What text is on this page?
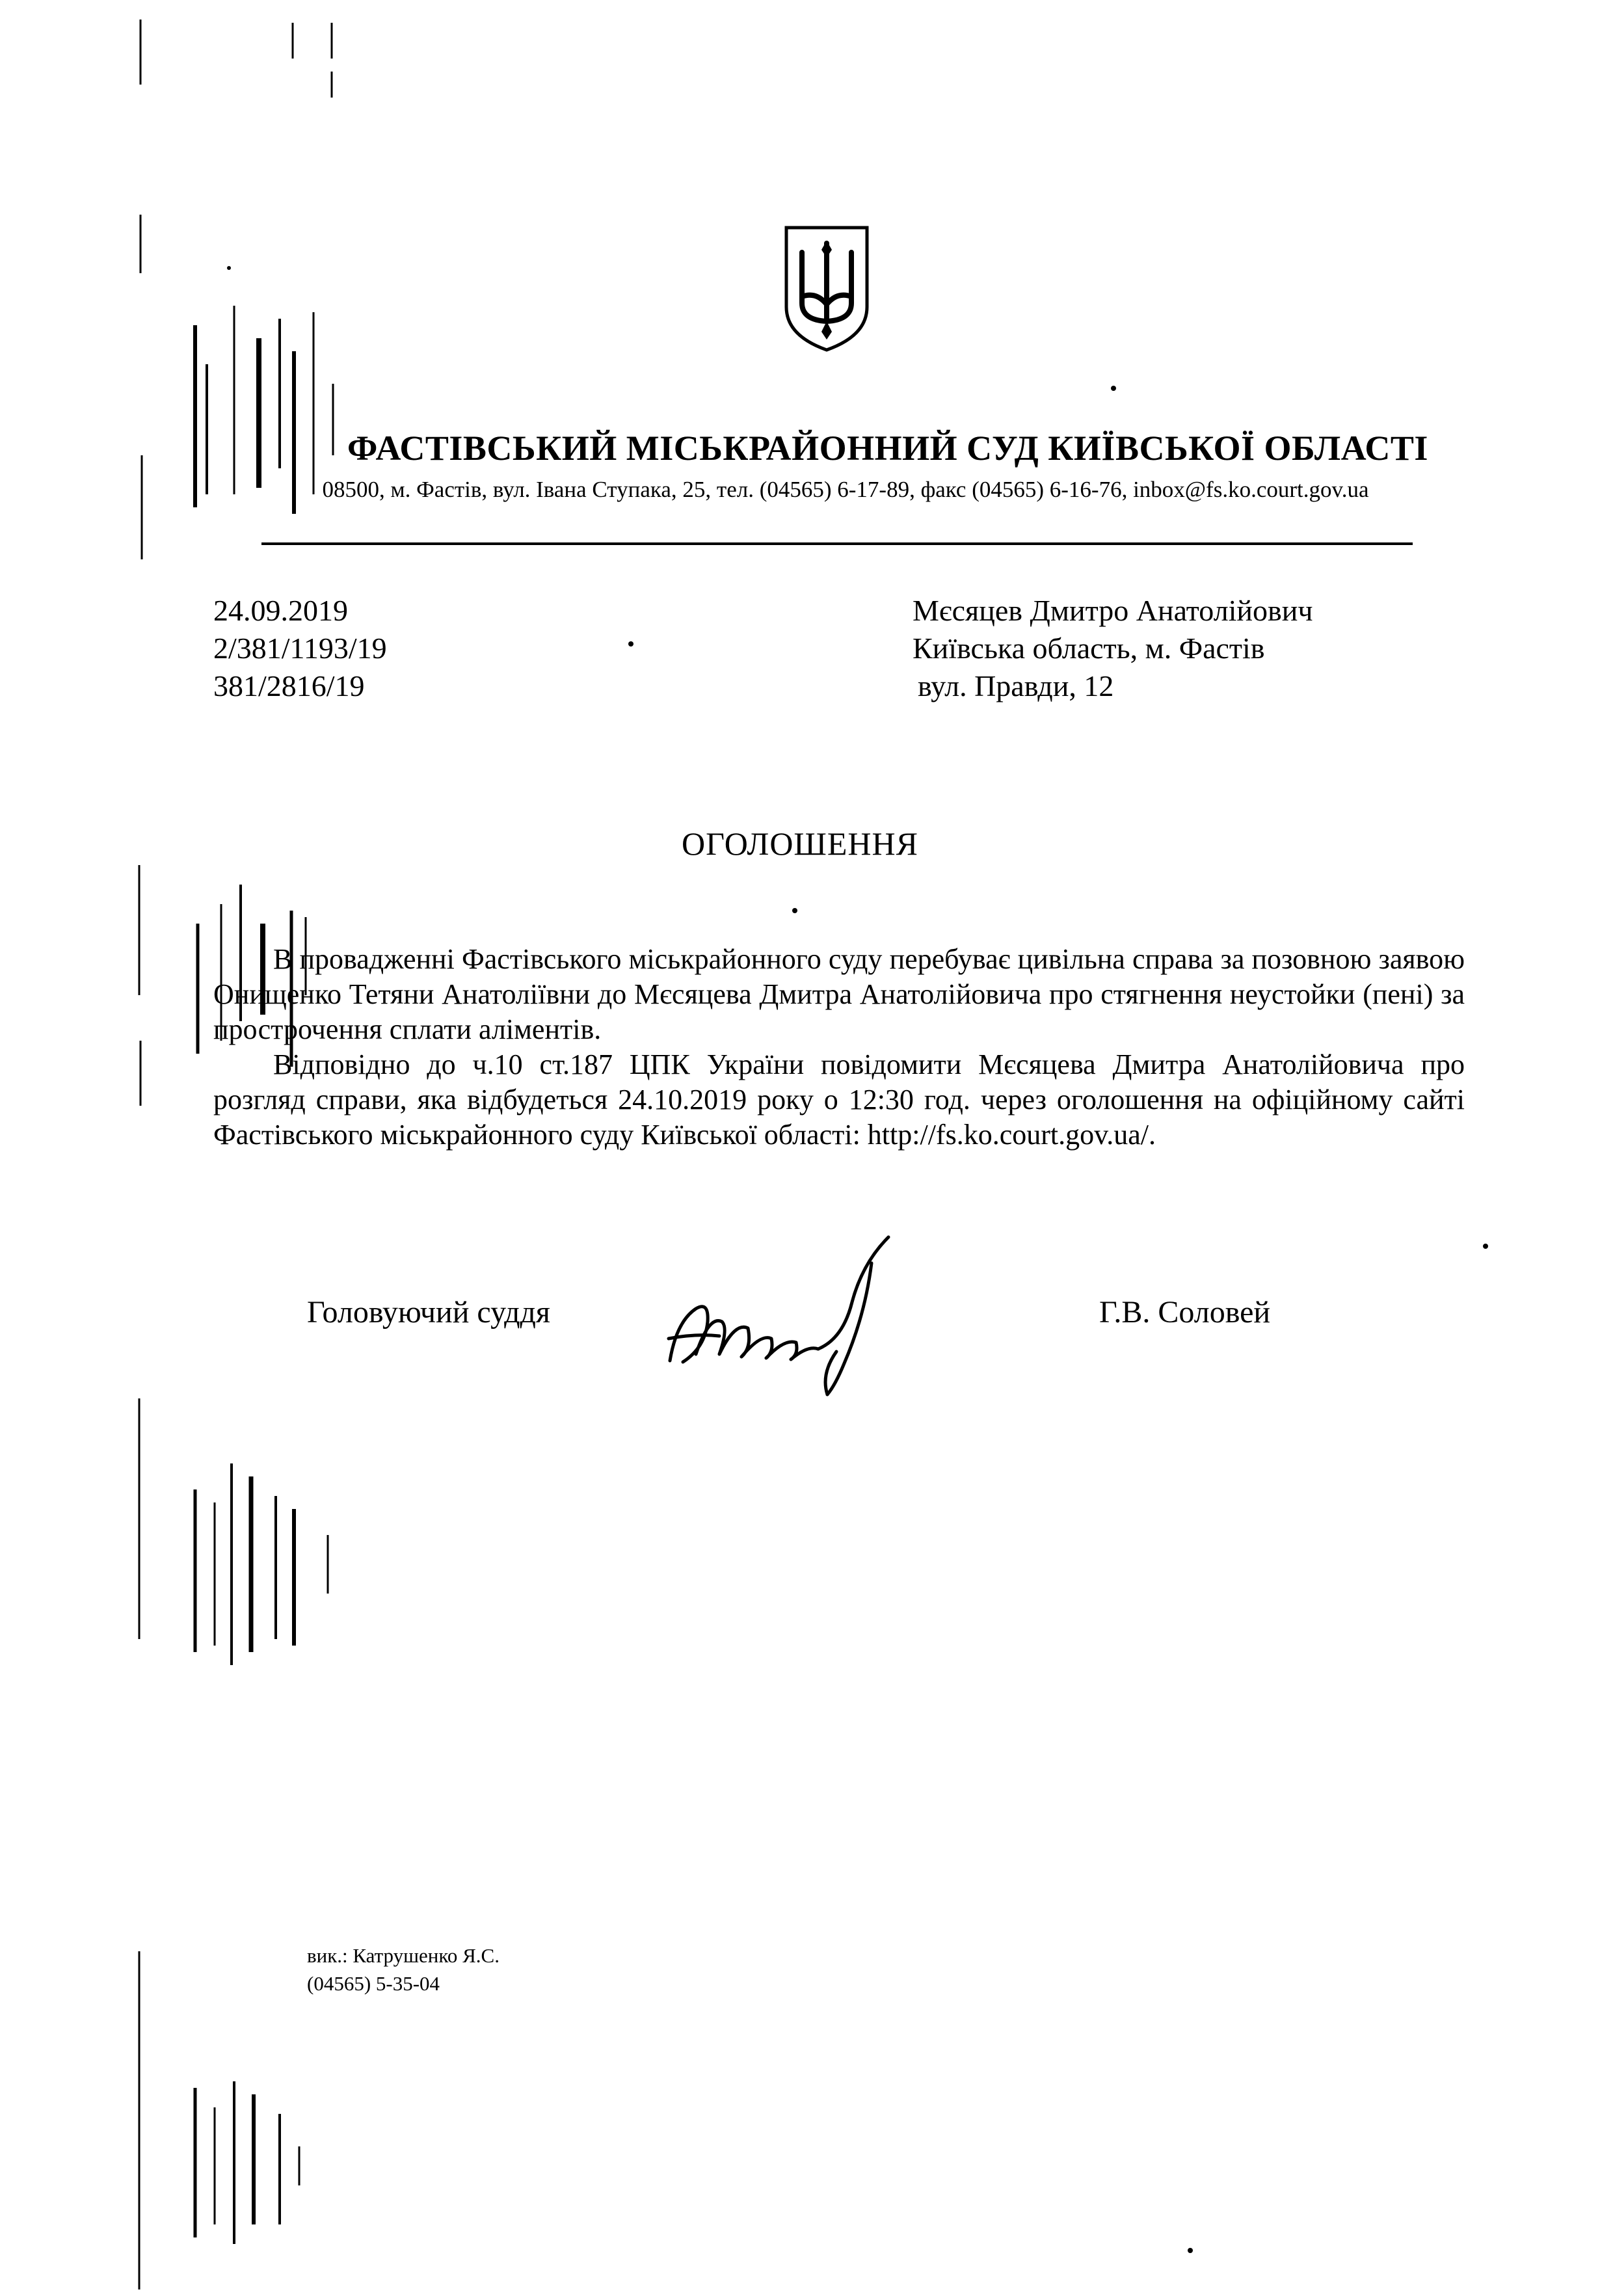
ФАСТІВСЬКИЙ МІСЬКРАЙОННИЙ СУД КИЇВСЬКОЇ ОБЛАСТІ
08500, м. Фастів, вул. Івана Ступака, 25, тел. (04565) 6-17-89, факс (04565) 6-16-76, inbox@fs.ko.court.gov.ua
24.09.2019
2/381/1193/19
381/2816/19
Мєсяцев Дмитро Анатолійович
Київська область, м. Фастів
вул. Правди, 12
ОГОЛОШЕННЯ

В провадженні Фастівського міськрайонного суду перебуває цивільна справа за позовною заявою Онищенко Тетяни Анатоліївни до Мєсяцева Дмитра Анатолійовича про стягнення неустойки (пені) за прострочення сплати аліментів.

Відповідно до ч.10 ст.187 ЦПК України повідомити Мєсяцева Дмитра Анатолійовича про розгляд справи, яка відбудеться 24.10.2019 року о 12:30 год. через оголошення на офіційному сайті Фастівського міськрайонного суду Київської області: http://fs.ko.court.gov.ua/.

Головуючий суддя	Г.В. Соловей
вик.: Катрушенко Я.С.
(04565) 5-35-04
